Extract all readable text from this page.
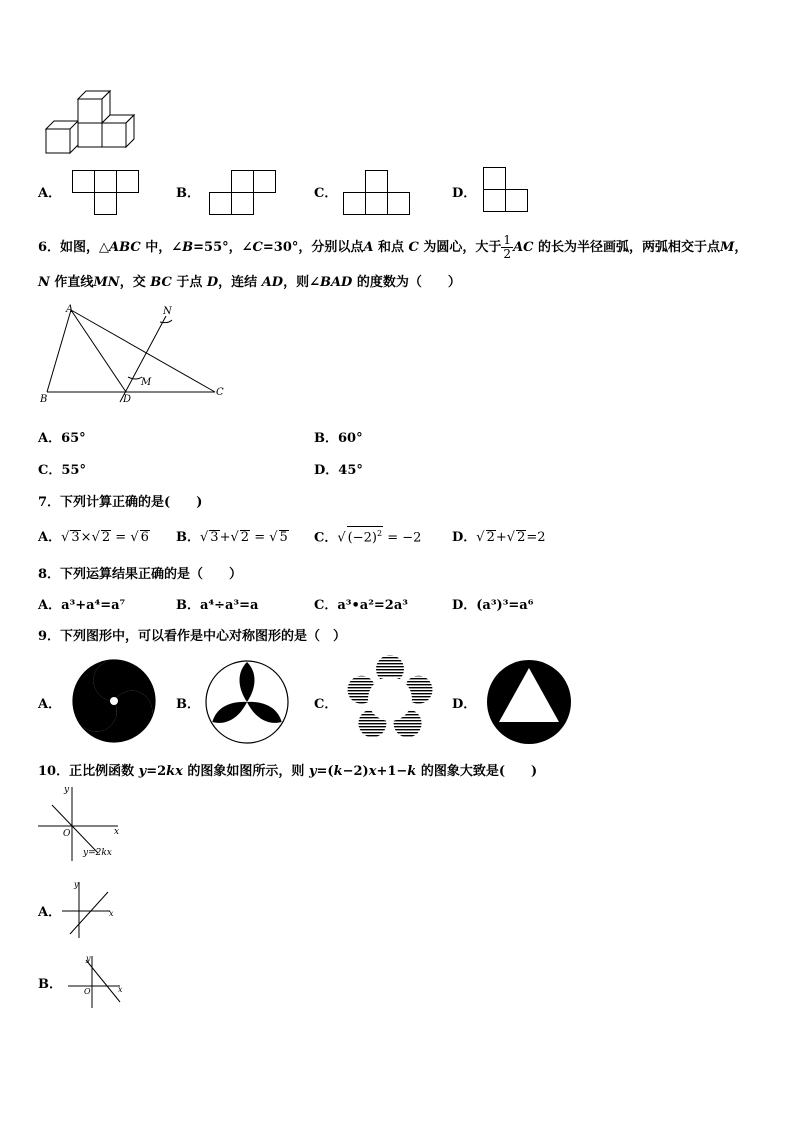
A．	B．	C．	D．
6．如图，△ABC 中，∠B=55°，∠C=30°，分别以点A 和点 C 为圆心，大于 $\frac{1}{2}$ AC 的长为半径画弧，两弧相交于点M，
N 作直线MN，交 BC 于点 D，连结 AD，则∠BAD 的度数为（　　）
A
B
C
D
M
N
A．65°	B．60°
C．55°	D．45°
7．下列计算正确的是(　　)
A．√ 3×√ 2 = √ 6 B．√ 3+√ 2 = √ 5 C．√ $(-2)^2 = -2$ D．√ 2+√ 2=2
8．下列运算结果正确的是（　　）
A．a³+a⁴=a⁷	B．a⁴÷a³=a	C．a³•a²=2a³	D．(a³)³=a⁶
9．下列图形中，可以看作是中心对称图形的是（　）
A．	B．	C．	D．
10．正比例函数 y=2kx 的图象如图所示，则 y=(k−2)x+1−k 的图象大致是(　　)
y
x
O
y=2kx
A．
y
x
B．
y
x
O
